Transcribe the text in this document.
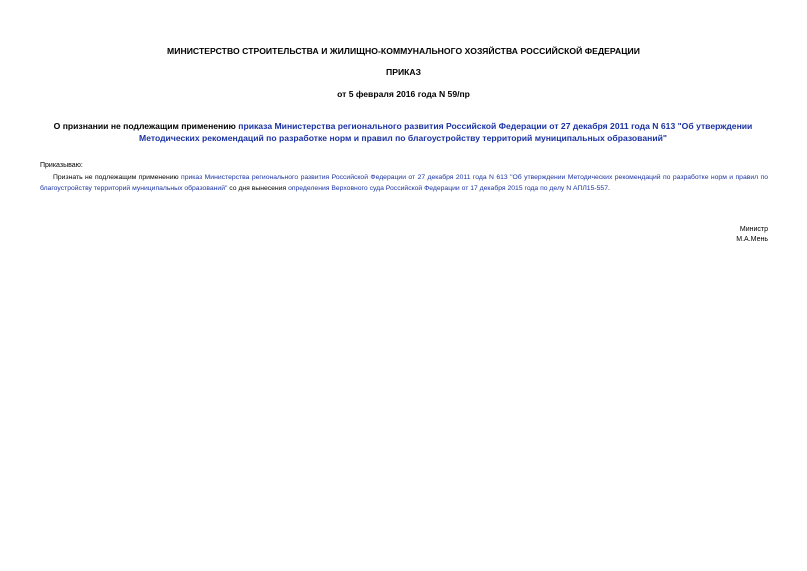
МИНИСТЕРСТВО СТРОИТЕЛЬСТВА И ЖИЛИЩНО-КОММУНАЛЬНОГО ХОЗЯЙСТВА РОССИЙСКОЙ ФЕДЕРАЦИИ
ПРИКАЗ
от 5 февраля 2016 года N 59/пр
О признании не подлежащим применению приказа Министерства регионального развития Российской Федерации от 27 декабря 2011 года N 613 "Об утверждении Методических рекомендаций по разработке норм и правил по благоустройству территорий муниципальных образований"
Приказываю:
Признать не подлежащим применению приказ Министерства регионального развития Российской Федерации от 27 декабря 2011 года N 613 "Об утверждении Методических рекомендаций по разработке норм и правил по благоустройству территорий муниципальных образований" со дня вынесения определения Верховного суда Российской Федерации от 17 декабря 2015 года по делу N АПЛ15-557.
Министр
М.А.Мень
